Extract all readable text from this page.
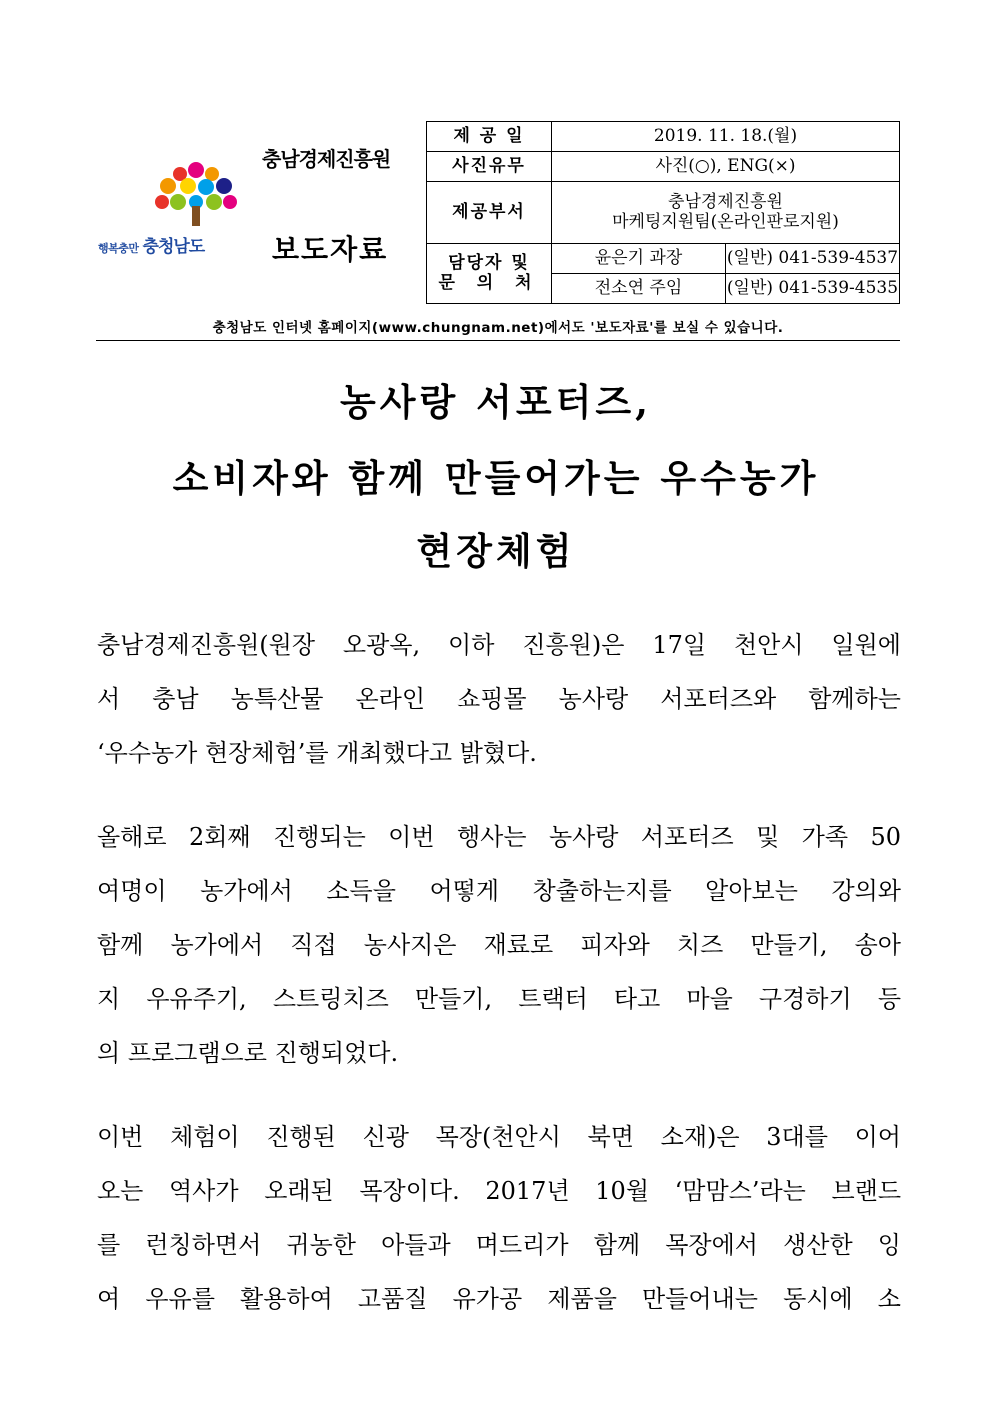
행복충만 충청남도
충남경제진흥원
보도자료
제 공 일	2019. 11. 18.(월)	
사진유무	사진(○), ENG(×)	
제공부서	충남경제진흥원
마케팅지원팀(온라인판로지원)	

담당자 및
문 의 처	윤은기 과장	(일반) 041-539-4537
	전소연 주임	(일반) 041-539-4535
충청남도 인터넷 홈페이지(www.chungnam.net)에서도 '보도자료'를 보실 수 있습니다.
농사랑 서포터즈,
소비자와 함께 만들어가는 우수농가
현장체험
충남경제진흥원(원장 오광옥, 이하 진흥원)은 17일 천안시 일원에
서 충남 농특산물 온라인 쇼핑몰 농사랑 서포터즈와 함께하는
‘우수농가 현장체험’를 개최했다고 밝혔다.
올해로 2회째 진행되는 이번 행사는 농사랑 서포터즈 및 가족 50
여명이 농가에서 소득을 어떻게 창출하는지를 알아보는 강의와
함께 농가에서 직접 농사지은 재료로 피자와 치즈 만들기, 송아
지 우유주기, 스트링치즈 만들기, 트랙터 타고 마을 구경하기 등
의 프로그램으로 진행되었다.
이번 체험이 진행된 신광 목장(천안시 북면 소재)은 3대를 이어
오는 역사가 오래된 목장이다. 2017년 10월 ‘맘맘스’라는 브랜드
를 런칭하면서 귀농한 아들과 며드리가 함께 목장에서 생산한 잉
여 우유를 활용하여 고품질 유가공 제품을 만들어내는 동시에 소
